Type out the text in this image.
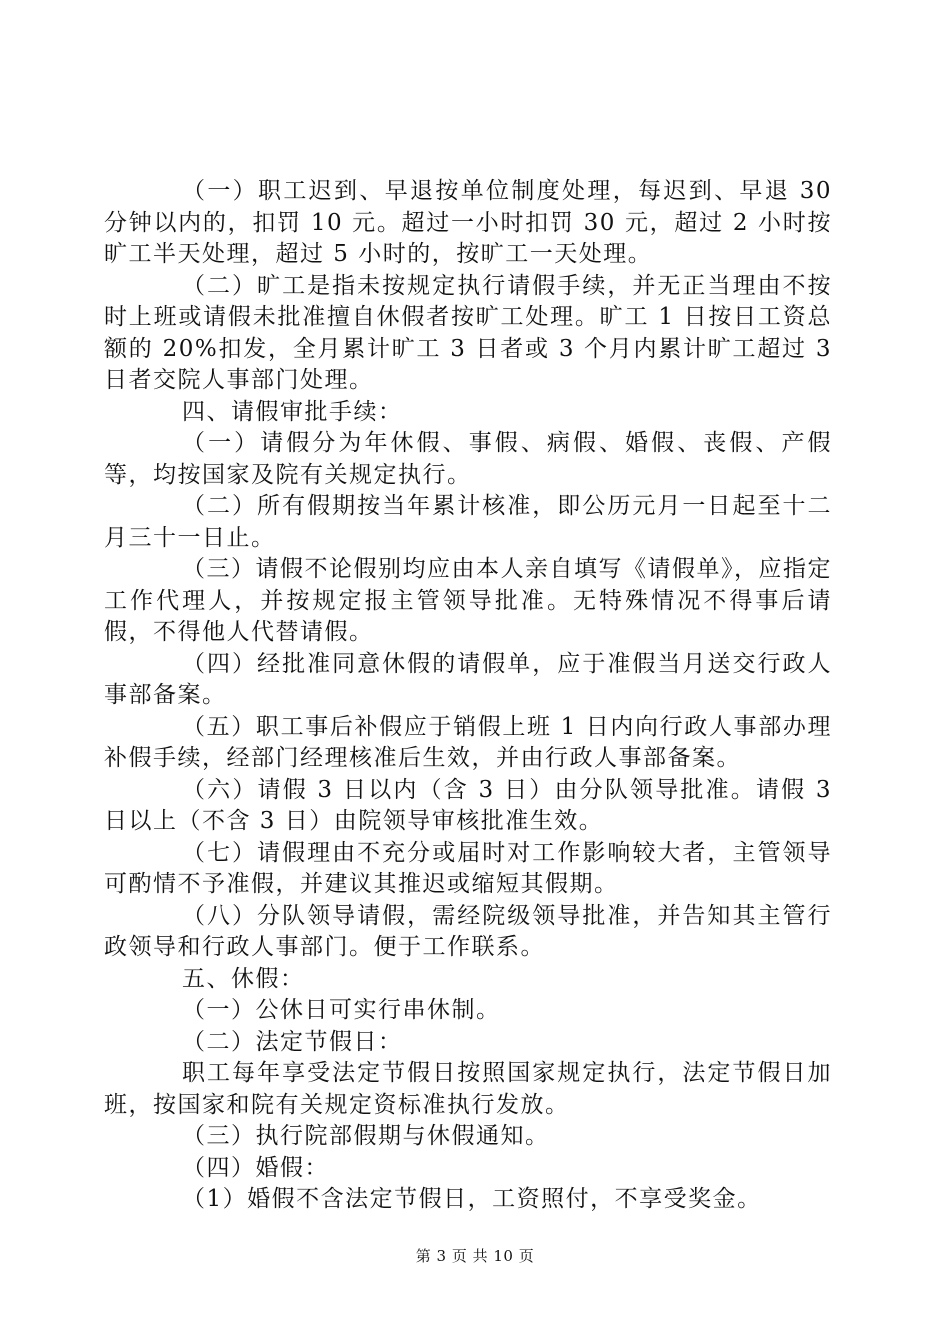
（一）职工迟到、早退按单位制度处理，每迟到、早退 30 分钟以内的，扣罚 10 元。超过一小时扣罚 30 元，超过 2 小时按旷工半天处理，超过 5 小时的，按旷工一天处理。

（二）旷工是指未按规定执行请假手续，并无正当理由不按时上班或请假未批准擅自休假者按旷工处理。旷工 1 日按日工资总额的 20%扣发，全月累计旷工 3 日者或 3 个月内累计旷工超过 3 日者交院人事部门处理。

四、请假审批手续：

（一）请假分为年休假、事假、病假、婚假、丧假、产假等，均按国家及院有关规定执行。

（二）所有假期按当年累计核准，即公历元月一日起至十二月三十一日止。

（三）请假不论假别均应由本人亲自填写《请假单》，应指定工作代理人，并按规定报主管领导批准。无特殊情况不得事后请假，不得他人代替请假。

（四）经批准同意休假的请假单，应于准假当月送交行政人事部备案。

（五）职工事后补假应于销假上班 1 日内向行政人事部办理补假手续，经部门经理核准后生效，并由行政人事部备案。

（六）请假 3 日以内（含 3 日）由分队领导批准。请假 3 日以上（不含 3 日）由院领导审核批准生效。

（七）请假理由不充分或届时对工作影响较大者，主管领导可酌情不予准假，并建议其推迟或缩短其假期。

（八）分队领导请假，需经院级领导批准，并告知其主管行政领导和行政人事部门。便于工作联系。

五、休假：

（一）公休日可实行串休制。

（二）法定节假日：

职工每年享受法定节假日按照国家规定执行，法定节假日加班，按国家和院有关规定资标准执行发放。

（三）执行院部假期与休假通知。

（四）婚假：

（1）婚假不含法定节假日，工资照付，不享受奖金。

第 3 页 共 10 页
